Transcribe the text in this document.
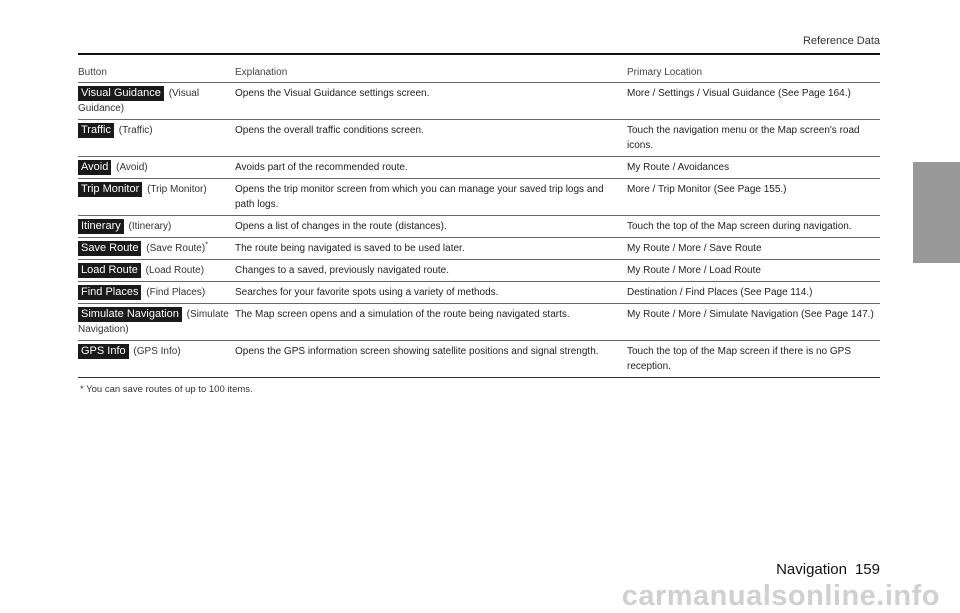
Reference Data
Button	Explanation	Primary Location
Visual Guidance (Visual Guidance)	Opens the Visual Guidance settings screen.	More / Settings / Visual Guidance (See Page 164.)
Traffic (Traffic)	Opens the overall traffic conditions screen.	Touch the navigation menu or the Map screen's road icons.
Avoid (Avoid)	Avoids part of the recommended route.	My Route / Avoidances
Trip Monitor (Trip Monitor)	Opens the trip monitor screen from which you can manage your saved trip logs and path logs.	More / Trip Monitor (See Page 155.)
Itinerary (Itinerary)	Opens a list of changes in the route (distances).	Touch the top of the Map screen during navigation.
Save Route (Save Route)*	The route being navigated is saved to be used later.	My Route / More / Save Route
Load Route (Load Route)	Changes to a saved, previously navigated route.	My Route / More / Load Route
Find Places (Find Places)	Searches for your favorite spots using a variety of methods.	Destination / Find Places (See Page 114.)
Simulate Navigation (Simulate Navigation)	The Map screen opens and a simulation of the route being navigated starts.	My Route / More / Simulate Navigation (See Page 147.)
GPS Info (GPS Info)	Opens the GPS information screen showing satellite positions and signal strength.	Touch the top of the Map screen if there is no GPS reception.
* You can save routes of up to 100 items.
Navigation 159
carmanualsonline.info
